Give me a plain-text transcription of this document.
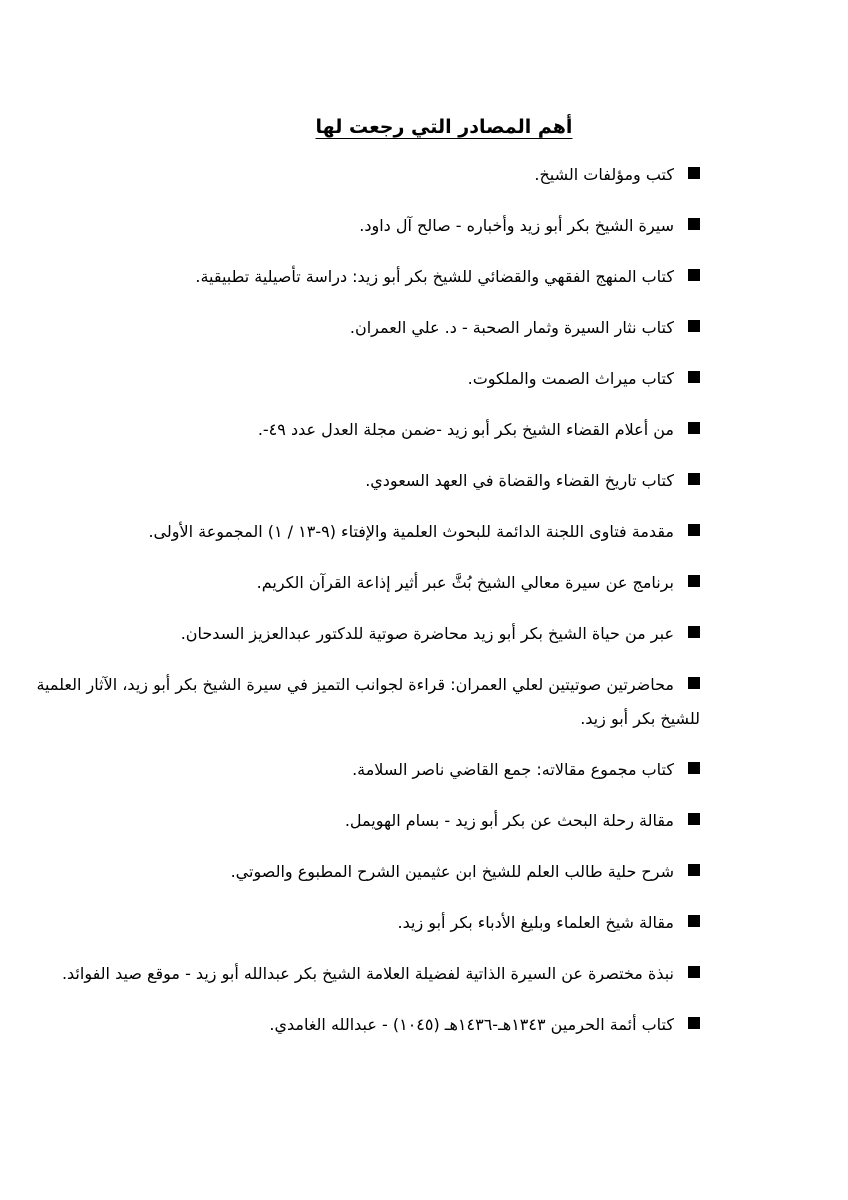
أهم المصادر التي رجعت لها
كتب ومؤلفات الشيخ.
سيرة الشيخ بكر أبو زيد وأخباره - صالح آل داود.
كتاب المنهج الفقهي والقضائي للشيخ بكر أبو زيد: دراسة تأصيلية تطبيقية.
كتاب نثار السيرة وثمار الصحبة - د. علي العمران.
كتاب ميراث الصمت والملكوت.
من أعلام القضاء الشيخ بكر أبو زيد -ضمن مجلة العدل عدد ٤٩-.
كتاب تاريخ القضاء والقضاة في العهد السعودي.
مقدمة فتاوى اللجنة الدائمة للبحوث العلمية والإفتاء (٩-١٣ / ١) المجموعة الأولى.
برنامج عن سيرة معالي الشيخ بُثَّ عبر أثير إذاعة القرآن الكريم.
عبر من حياة الشيخ بكر أبو زيد محاضرة صوتية للدكتور عبدالعزيز السدحان.
محاضرتين صوتيتين لعلي العمران: قراءة لجوانب التميز في سيرة الشيخ بكر أبو زيد، الآثار العلمية للشيخ بكر أبو زيد.
كتاب مجموع مقالاته: جمع القاضي ناصر السلامة.
مقالة رحلة البحث عن بكر أبو زيد - بسام الهويمل.
شرح حلية طالب العلم للشيخ ابن عثيمين الشرح المطبوع والصوتي.
مقالة شيخ العلماء وبليغ الأدباء بكر أبو زيد.
نبذة مختصرة عن السيرة الذاتية لفضيلة العلامة الشيخ بكر عبدالله أبو زيد - موقع صيد الفوائد.
كتاب أئمة الحرمين ١٣٤٣هـ-١٤٣٦هـ (١٠٤٥) - عبدالله الغامدي.
